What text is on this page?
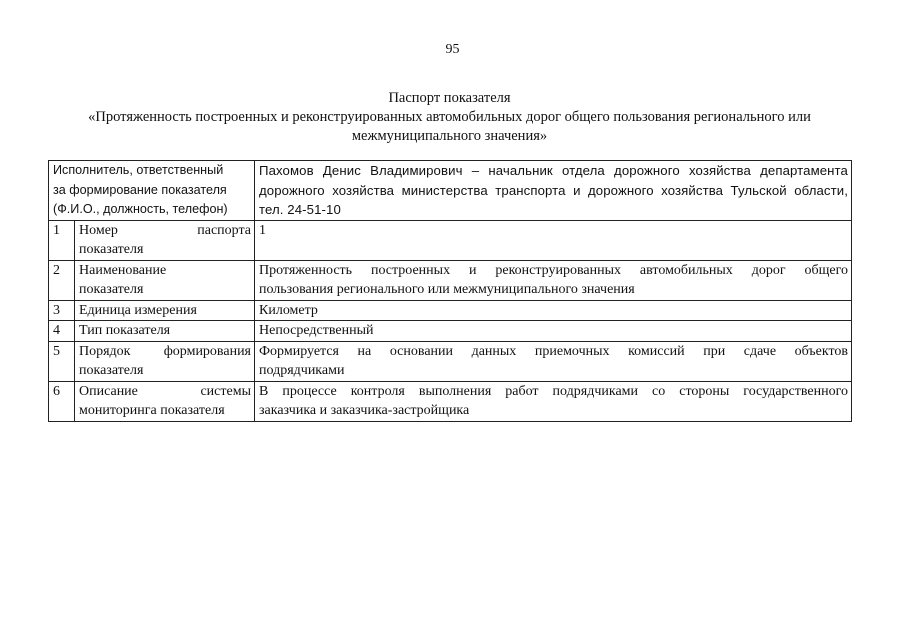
95
Паспорт показателя
«Протяженность построенных и реконструированных автомобильных дорог общего пользования регионального или
межмуниципального значения»
Исполнитель, ответственный
за формирование показателя
(Ф.И.О., должность, телефон)		Пахомов Денис Владимирович – начальник отдела дорожного хозяйства департамента
дорожного хозяйства министерства транспорта и дорожного хозяйства Тульской области,
тел. 24-51-10

1	Номер паспорта
показателя	1

2	Наименование
показателя	Протяженность построенных и реконструированных автомобильных дорог общего
пользования регионального или межмуниципального значения

3	Единица измерения	Километр

4	Тип показателя	Непосредственный

5	Порядок формирования
показателя	Формируется на основании данных приемочных комиссий при сдаче объектов
подрядчиками

6	Описание системы
мониторинга показателя	В процессе контроля выполнения работ подрядчиками со стороны государственного
заказчика и заказчика-застройщика
